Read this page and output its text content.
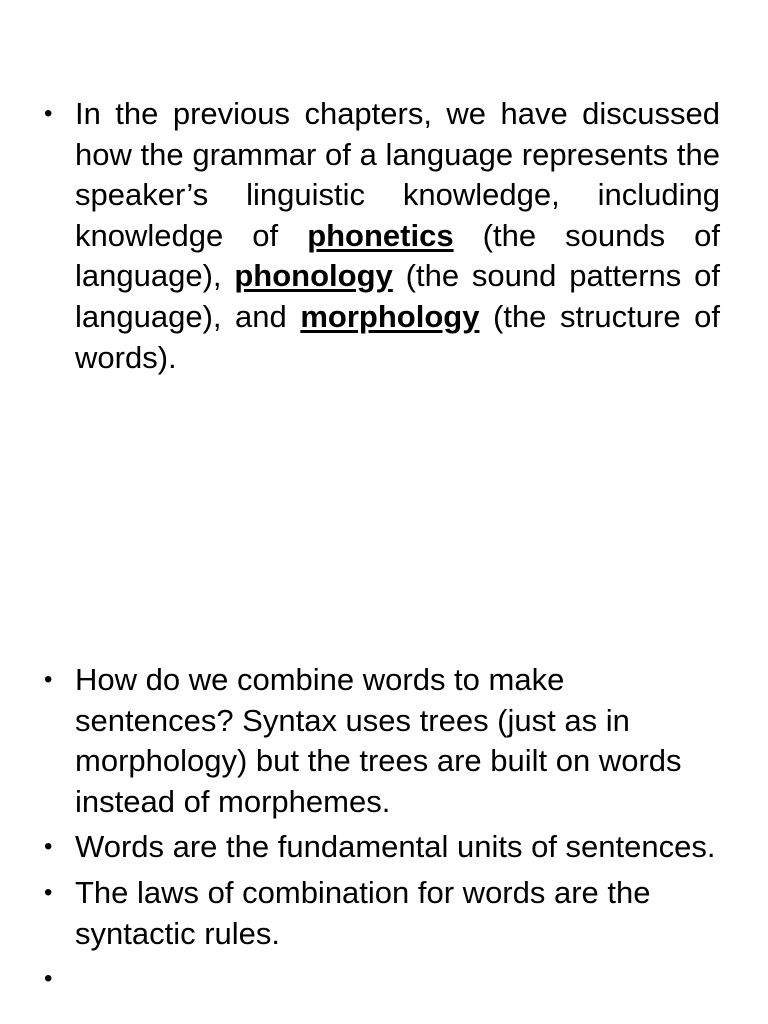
• In the previous chapters, we have discussed how the grammar of a language represents the speaker’s linguistic knowledge, including knowledge of phonetics (the sounds of language), phonology (the sound patterns of language), and morphology (the structure of words).
• How do we combine words to make sentences? Syntax uses trees (just as in morphology) but the trees are built on words instead of morphemes.
• Words are the fundamental units of sentences.
• The laws of combination for words are the syntactic rules.
•
